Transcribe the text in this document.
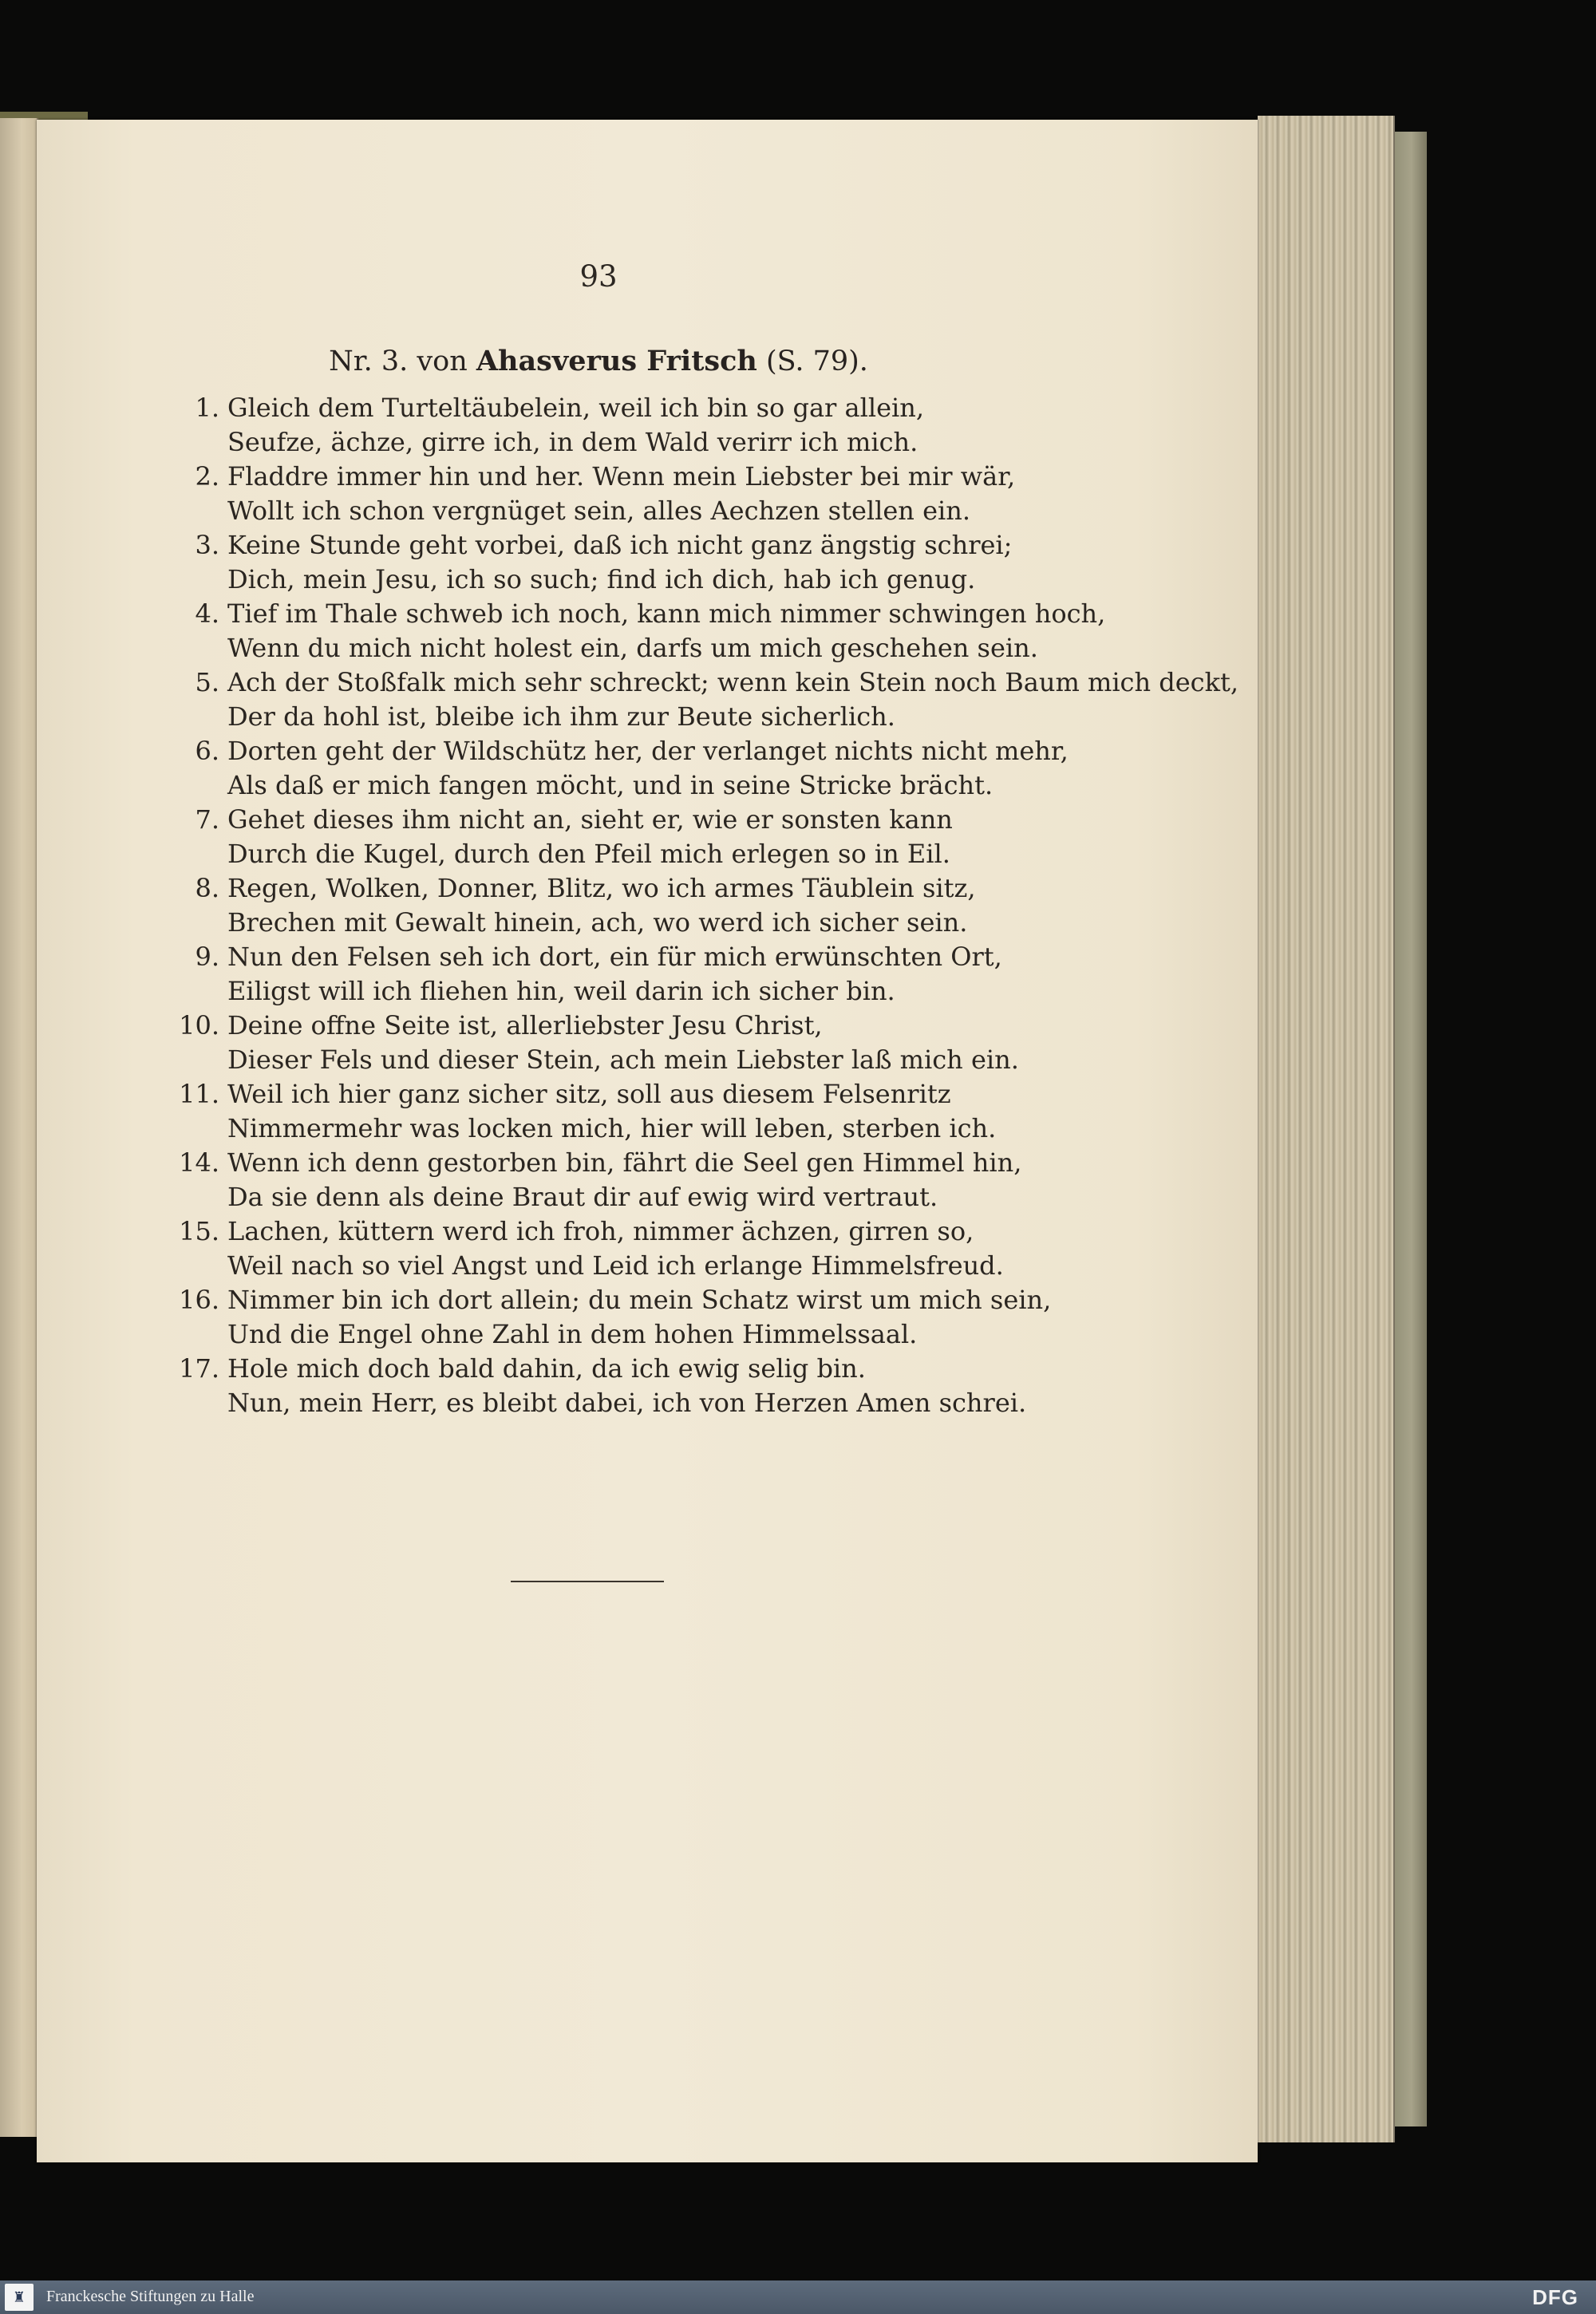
93
Nr. 3. von Ahasverus Fritsch (S. 79).
1. Gleich dem Turteltäubelein, weil ich bin so gar allein,
Seufze, ächze, girre ich, in dem Wald verirr ich mich.
2. Fladdre immer hin und her. Wenn mein Liebster bei mir wär,
Wollt ich schon vergnüget sein, alles Aechzen stellen ein.
3. Keine Stunde geht vorbei, daß ich nicht ganz ängstig schrei;
Dich, mein Jesu, ich so such; find ich dich, hab ich genug.
4. Tief im Thale schweb ich noch, kann mich nimmer schwingen hoch,
Wenn du mich nicht holest ein, darfs um mich geschehen sein.
5. Ach der Stoßfalk mich sehr schreckt; wenn kein Stein noch Baum mich deckt,
Der da hohl ist, bleibe ich ihm zur Beute sicherlich.
6. Dorten geht der Wildschütz her, der verlanget nichts nicht mehr,
Als daß er mich fangen möcht, und in seine Stricke brächt.
7. Gehet dieses ihm nicht an, sieht er, wie er sonsten kann
Durch die Kugel, durch den Pfeil mich erlegen so in Eil.
8. Regen, Wolken, Donner, Blitz, wo ich armes Täublein sitz,
Brechen mit Gewalt hinein, ach, wo werd ich sicher sein.
9. Nun den Felsen seh ich dort, ein für mich erwünschten Ort,
Eiligst will ich fliehen hin, weil darin ich sicher bin.
10. Deine offne Seite ist, allerliebster Jesu Christ,
Dieser Fels und dieser Stein, ach mein Liebster laß mich ein.
11. Weil ich hier ganz sicher sitz, soll aus diesem Felsenritz
Nimmermehr was locken mich, hier will leben, sterben ich.
14. Wenn ich denn gestorben bin, fährt die Seel gen Himmel hin,
Da sie denn als deine Braut dir auf ewig wird vertraut.
15. Lachen, küttern werd ich froh, nimmer ächzen, girren so,
Weil nach so viel Angst und Leid ich erlange Himmelsfreud.
16. Nimmer bin ich dort allein; du mein Schatz wirst um mich sein,
Und die Engel ohne Zahl in dem hohen Himmelssaal.
17. Hole mich doch bald dahin, da ich ewig selig bin.
Nun, mein Herr, es bleibt dabei, ich von Herzen Amen schrei.
♜ Franckesche Stiftungen zu Halle	DFG
